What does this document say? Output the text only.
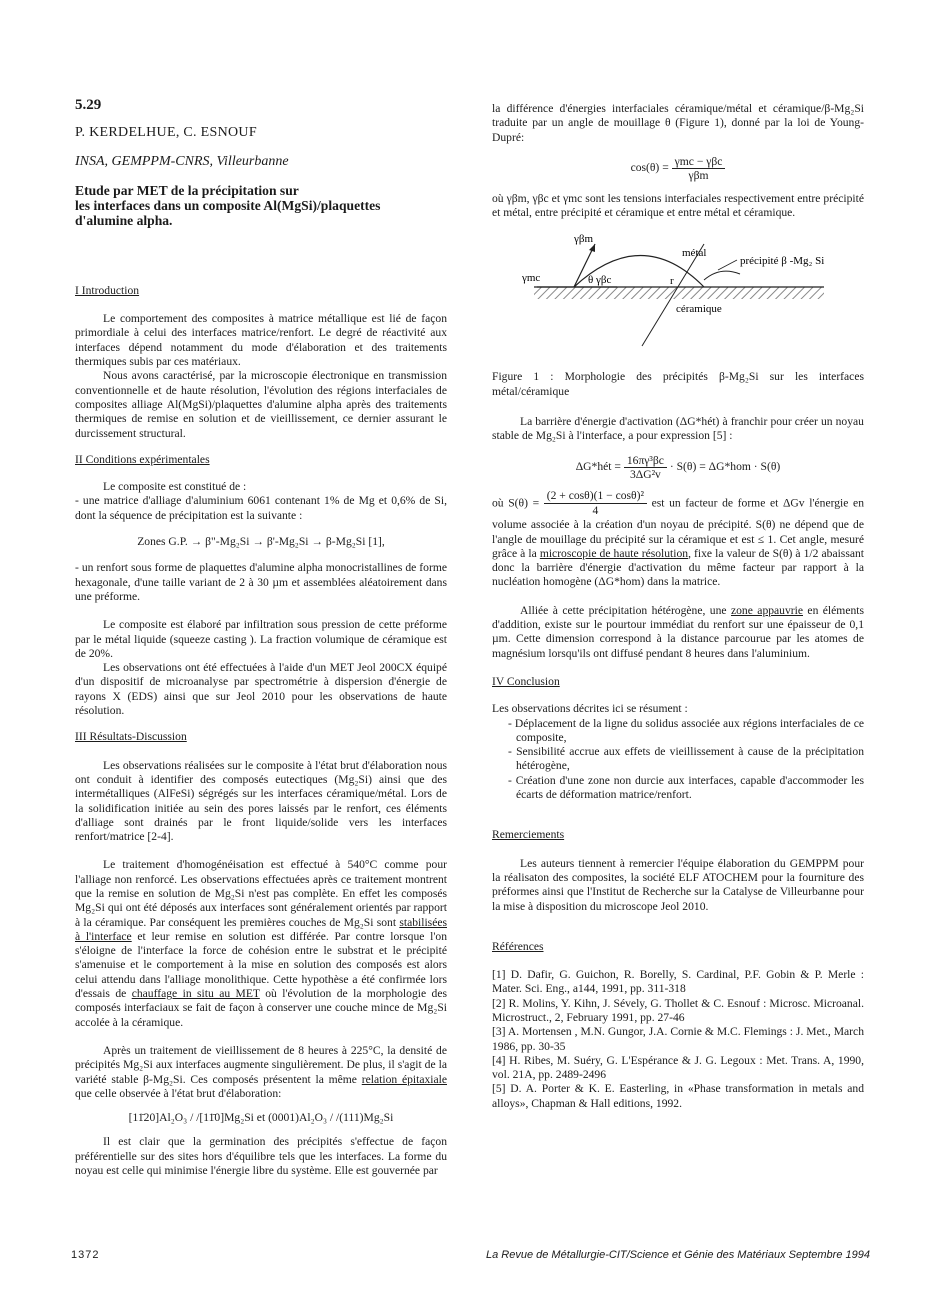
5.29

P. KERDELHUE, C. ESNOUF

INSA, GEMPPM-CNRS, Villeurbanne

Etude par MET de la précipitation sur
les interfaces dans un composite Al(MgSi)/plaquettes
d'alumine alpha.

I Introduction

Le comportement des composites à matrice métallique est lié de façon primordiale à celui des interfaces matrice/renfort. Le degré de réactivité aux interfaces dépend notamment du mode d'élaboration et des traitements thermiques subis par ces matériaux.

Nous avons caractérisé, par la microscopie électronique en transmission conventionnelle et de haute résolution, l'évolution des régions interfaciales de composites alliage Al(MgSi)/plaquettes d'alumine alpha après des traitements thermiques de remise en solution et de vieillissement, ce dernier assurant le durcissement structural.

II Conditions expérimentales

Le composite est constitué de :

- une matrice d'alliage d'aluminium 6061 contenant 1% de Mg et 0,6% de Si, dont la séquence de précipitation est la suivante :

Zones G.P. → β"-Mg₂Si → β'-Mg₂Si → β-Mg₂Si [1],

- un renfort sous forme de plaquettes d'alumine alpha monocristallines de forme hexagonale, d'une taille variant de 2 à 30 µm et assemblées aléatoirement dans une préforme.

Le composite est élaboré par infiltration sous pression de cette préforme par le métal liquide (squeeze casting ). La fraction volumique de céramique est de 20%.

Les observations ont été effectuées à l'aide d'un MET Jeol 200CX équipé d'un dispositif de microanalyse par spectrométrie à dispersion d'énergie de rayons X (EDS) ainsi que sur Jeol 2010 pour les observations de haute résolution.

III Résultats-Discussion

Les observations réalisées sur le composite à l'état brut d'élaboration nous ont conduit à identifier des composés eutectiques (Mg₂Si) ainsi que des intermétalliques (AlFeSi) ségrégés sur les interfaces céramique/métal. Lors de la solidification initiée au sein des pores laissés par le renfort, ces éléments d'alliage sont drainés par le front liquide/solide vers les interfaces renfort/matrice [2-4].

Le traitement d'homogénéisation est effectué à 540°C comme pour l'alliage non renforcé. Les observations effectuées après ce traitement montrent que la remise en solution de Mg₂Si n'est pas complète. En effet les composés Mg₂Si qui ont été déposés aux interfaces sont généralement orientés par rapport à la céramique. Par conséquent les premières couches de Mg₂Si sont stabilisées à l'interface et leur remise en solution est différée. Par contre lorsque l'on s'éloigne de l'interface la force de cohésion entre le substrat et le précipité s'amenuise et le comportement à la mise en solution des composés est alors celui attendu dans l'alliage monolithique. Cette hypothèse a été confirmée lors d'essais de chauffage in situ au MET où l'évolution de la morphologie des composés interfaciaux se fait de façon à conserver une couche mince de Mg₂Si accolée à la céramique.

Après un traitement de vieillissement de 8 heures à 225°C, la densité de précipités Mg₂Si aux interfaces augmente singulièrement. De plus, il s'agit de la variété stable β-Mg₂Si. Ces composés présentent la même relation épitaxiale que celle observée à l'état brut d'élaboration:

[11̄20]Al₂O₃ / /[11̄0]Mg₂Si et (0001)Al₂O₃ / /(111)Mg₂Si

Il est clair que la germination des précipités s'effectue de façon préférentielle sur des sites hors d'équilibre tels que les interfaces. La forme du noyau est celle qui minimise l'énergie libre du système. Elle est gouvernée par

la différence d'énergies interfaciales céramique/métal et céramique/β-Mg₂Si traduite par un angle de mouillage θ (Figure 1), donné par la loi de Young-Dupré:

$\cos(\theta) = \frac{\text{γmc − γβc}}{\text{γβm}}$

où γβm, γβc et γmc sont les tensions interfaciales respectivement entre précipité et métal, entre précipité et céramique et entre métal et céramique.

γβm
γmc	θ γβc	r
métal
précipité β -Mg₂ Si
céramique

Figure 1 : Morphologie des précipités β-Mg₂Si sur les interfaces métal/céramique

La barrière d'énergie d'activation (ΔG*hét) à franchir pour créer un noyau stable de Mg₂Si à l'interface, a pour expression [5] :

ΔG*hét = $\frac{\text{16πγ³βc}}{\text{3ΔG²v}} \cdot S(\theta) = \Delta G*hom \cdot S(\theta)$

où $S(\theta) = \frac{\text{(2 + cosθ)(1 − cosθ)²}}{4}$ est un facteur de forme et ΔGv l'énergie en volume associée à la création d'un noyau de précipité. S(θ) ne dépend que de l'angle de mouillage du précipité sur la céramique et est ≤ 1. Cet angle, mesuré grâce à la microscopie de haute résolution, fixe la valeur de S(θ) à 1/2 abaissant donc la barrière d'énergie d'activation du même facteur par rapport à la nucléation homogène (ΔG*hom) dans la matrice.

Alliée à cette précipitation hétérogène, une zone appauvrie en éléments d'addition, existe sur le pourtour immédiat du renfort sur une épaisseur de 0,1 µm. Cette dimension correspond à la distance parcourue par les atomes de magnésium lorsqu'ils ont diffusé pendant 8 heures dans l'aluminium.

IV Conclusion

Les observations décrites ici se résument :

- Déplacement de la ligne du solidus associée aux régions interfaciales de ce composite,

- Sensibilité accrue aux effets de vieillissement à cause de la précipitation hétérogène,

- Création d'une zone non durcie aux interfaces, capable d'accommoder les écarts de déformation matrice/renfort.

Remerciements

Les auteurs tiennent à remercier l'équipe élaboration du GEMPPM pour la réalisaton des composites, la société ELF ATOCHEM pour la fourniture des préformes ainsi que l'Institut de Recherche sur la Catalyse de Villeurbanne pour la mise à disposition du microscope Jeol 2010.

Références

[1] D. Dafir, G. Guichon, R. Borelly, S. Cardinal, P.F. Gobin & P. Merle : Mater. Sci. Eng., a144, 1991, pp. 311-318

[2] R. Molins, Y. Kihn, J. Sévely, G. Thollet & C. Esnouf : Microsc. Microanal. Microstruct., 2, February 1991, pp. 27-46

[3] A. Mortensen , M.N. Gungor, J.A. Cornie & M.C. Flemings : J. Met., March 1986, pp. 30-35

[4] H. Ribes, M. Suéry, G. L'Espérance & J. G. Legoux : Met. Trans. A, 1990, vol. 21A, pp. 2489-2496

[5] D. A. Porter & K. E. Easterling, in «Phase transformation in metals and alloys», Chapman & Hall editions, 1992.

1372	La Revue de Métallurgie-CIT/Science et Génie des Matériaux Septembre 1994
